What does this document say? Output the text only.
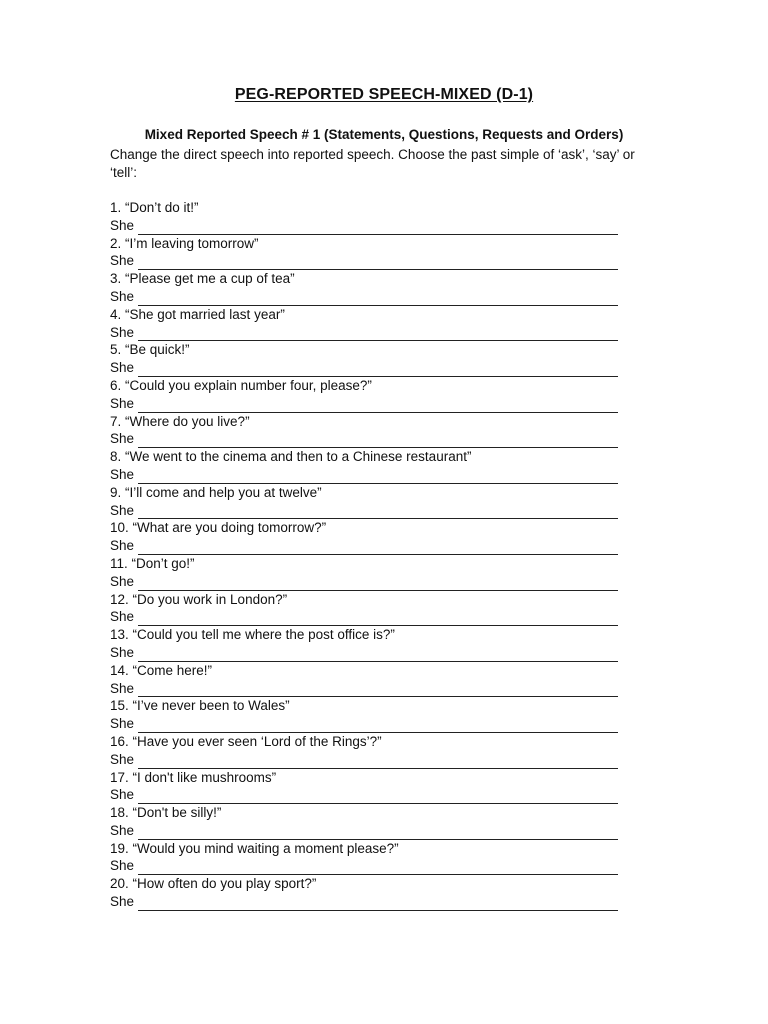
PEG-REPORTED SPEECH-MIXED (D-1)
Mixed Reported Speech # 1 (Statements, Questions, Requests and Orders)
Change the direct speech into reported speech. Choose the past simple of ‘ask’, ‘say’ or ‘tell’:
1. “Don’t do it!”
She
2. “I’m leaving tomorrow”
She
3. “Please get me a cup of tea”
She
4. “She got married last year”
She
5. “Be quick!”
She
6. “Could you explain number four, please?”
She
7. “Where do you live?”
She
8. “We went to the cinema and then to a Chinese restaurant”
She
9. “I’ll come and help you at twelve”
She
10. “What are you doing tomorrow?”
She
11. “Don’t go!”
She
12. “Do you work in London?”
She
13. “Could you tell me where the post office is?”
She
14. “Come here!”
She
15. “I’ve never been to Wales”
She
16. “Have you ever seen ‘Lord of the Rings’?”
She
17. “I don't like mushrooms”
She
18. “Don't be silly!”
She
19. “Would you mind waiting a moment please?”
She
20. “How often do you play sport?”
She
